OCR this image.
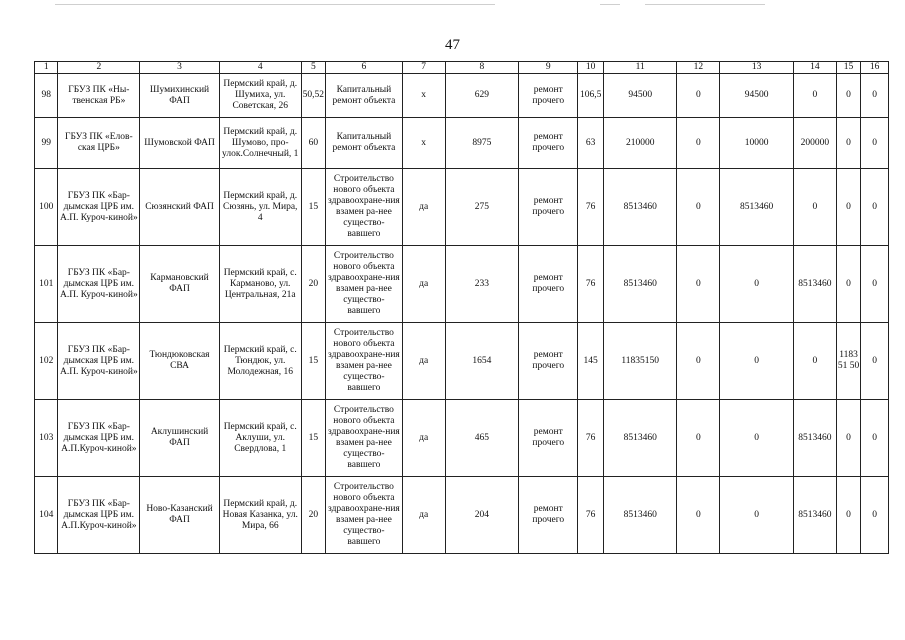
47
1	2	3	4	5	6	7	8	9	10	11	12	13	14	15	16
98	ГБУЗ ПК «Ны-твенская РБ»	Шумихинский ФАП	Пермский край, д. Шумиха, ул. Советская, 26	50,52	Капитальный ремонт объекта	х	629	ремонт прочего	106,5	94500	0	94500	0	0	0
99	ГБУЗ ПК «Елов-ская ЦРБ»	Шумовской ФАП	Пермский край, д. Шумово, про-улок.Солнечный, 1	60	Капитальный ремонт объекта	х	8975	ремонт прочего	63	210000	0	10000	200000	0	0
100	ГБУЗ ПК «Бар-дымская ЦРБ им. А.П. Куроч-киной»	Сюзянский ФАП	Пермский край, д. Сюзянь, ул. Мира, 4	15	Строительство нового объекта здравоохране-ния взамен ра-нее существо-вавшего	да	275	ремонт прочего	76	8513460	0	8513460	0	0	0
101	ГБУЗ ПК «Бар-дымская ЦРБ им. А.П. Куроч-киной»	Кармановский ФАП	Пермский край, с. Карманово, ул. Центральная, 21а	20	Строительство нового объекта здравоохране-ния взамен ра-нее существо-вавшего	да	233	ремонт прочего	76	8513460	0	0	8513460	0	0
102	ГБУЗ ПК «Бар-дымская ЦРБ им. А.П. Куроч-киной»	Тюндюковская СВА	Пермский край, с. Тюндюк, ул. Молодежная, 16	15	Строительство нового объекта здравоохране-ния взамен ра-нее существо-вавшего	да	1654	ремонт прочего	145	11835150	0	0	0	118351 50	0
103	ГБУЗ ПК «Бар-дымская ЦРБ им. А.П.Куроч-киной»	Аклушинский ФАП	Пермский край, с. Аклуши, ул. Свердлова, 1	15	Строительство нового объекта здравоохране-ния взамен ра-нее существо-вавшего	да	465	ремонт прочего	76	8513460	0	0	8513460	0	0
104	ГБУЗ ПК «Бар-дымская ЦРБ им. А.П.Куроч-киной»	Ново-Казанский ФАП	Пермский край, д. Новая Казанка, ул. Мира, 66	20	Строительство нового объекта здравоохране-ния взамен ра-нее существо-вавшего	да	204	ремонт прочего	76	8513460	0	0	8513460	0	0
